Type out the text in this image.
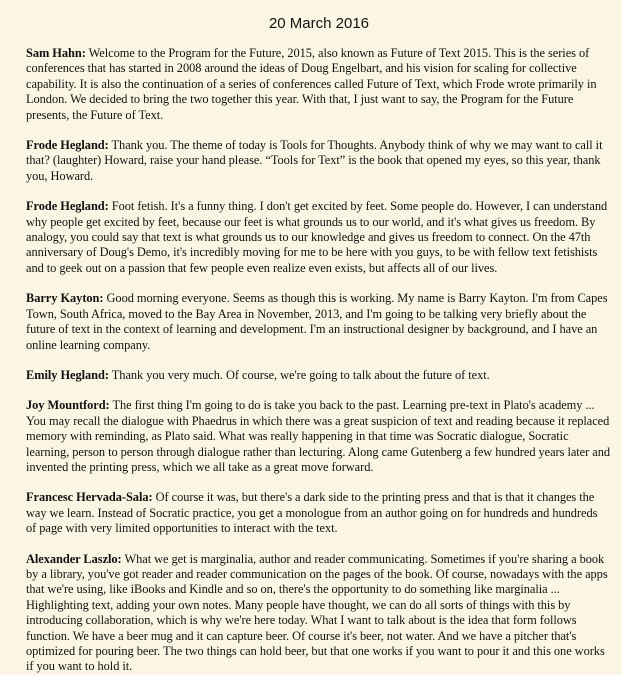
20 March 2016

Sam Hahn: Welcome to the Program for the Future, 2015, also known as Future of Text 2015. This is the series of conferences that has started in 2008 around the ideas of Doug Engelbart, and his vision for scaling for collective capability. It is also the continuation of a series of conferences called Future of Text, which Frode wrote primarily in London. We decided to bring the two together this year. With that, I just want to say, the Program for the Future presents, the Future of Text.

Frode Hegland: Thank you. The theme of today is Tools for Thoughts. Anybody think of why we may want to call it that? (laughter) Howard, raise your hand please. “Tools for Text” is the book that opened my eyes, so this year, thank you, Howard.

Frode Hegland: Foot fetish. It's a funny thing. I don't get excited by feet. Some people do. However, I can understand why people get excited by feet, because our feet is what grounds us to our world, and it's what gives us freedom. By analogy, you could say that text is what grounds us to our knowledge and gives us freedom to connect. On the 47th anniversary of Doug's Demo, it's incredibly moving for me to be here with you guys, to be with fellow text fetishists and to geek out on a passion that few people even realize even exists, but affects all of our lives.

Barry Kayton: Good morning everyone. Seems as though this is working. My name is Barry Kayton. I'm from Capes Town, South Africa, moved to the Bay Area in November, 2013, and I'm going to be talking very briefly about the future of text in the context of learning and development. I'm an instructional designer by background, and I have an online learning company.

Emily Hegland: Thank you very much. Of course, we're going to talk about the future of text.

Joy Mountford: The first thing I'm going to do is take you back to the past. Learning pre-text in Plato's academy ... You may recall the dialogue with Phaedrus in which there was a great suspicion of text and reading because it replaced memory with reminding, as Plato said. What was really happening in that time was Socratic dialogue, Socratic learning, person to person through dialogue rather than lecturing. Along came Gutenberg a few hundred years later and invented the printing press, which we all take as a great move forward.

Francesc Hervada-Sala: Of course it was, but there's a dark side to the printing press and that is that it changes the way we learn. Instead of Socratic practice, you get a monologue from an author going on for hundreds and hundreds of page with very limited opportunities to interact with the text.

Alexander Laszlo: What we get is marginalia, author and reader communicating. Sometimes if you're sharing a book by a library, you've got reader and reader communication on the pages of the book. Of course, nowadays with the apps that we're using, like iBooks and Kindle and so on, there's the opportunity to do something like marginalia ... Highlighting text, adding your own notes. Many people have thought, we can do all sorts of things with this by introducing collaboration, which is why we're here today. What I want to talk about is the idea that form follows function. We have a beer mug and it can capture beer. Of course it's beer, not water. And we have a pitcher that's optimized for pouring beer. The two things can hold beer, but that one works if you want to pour it and this one works if you want to hold it.
